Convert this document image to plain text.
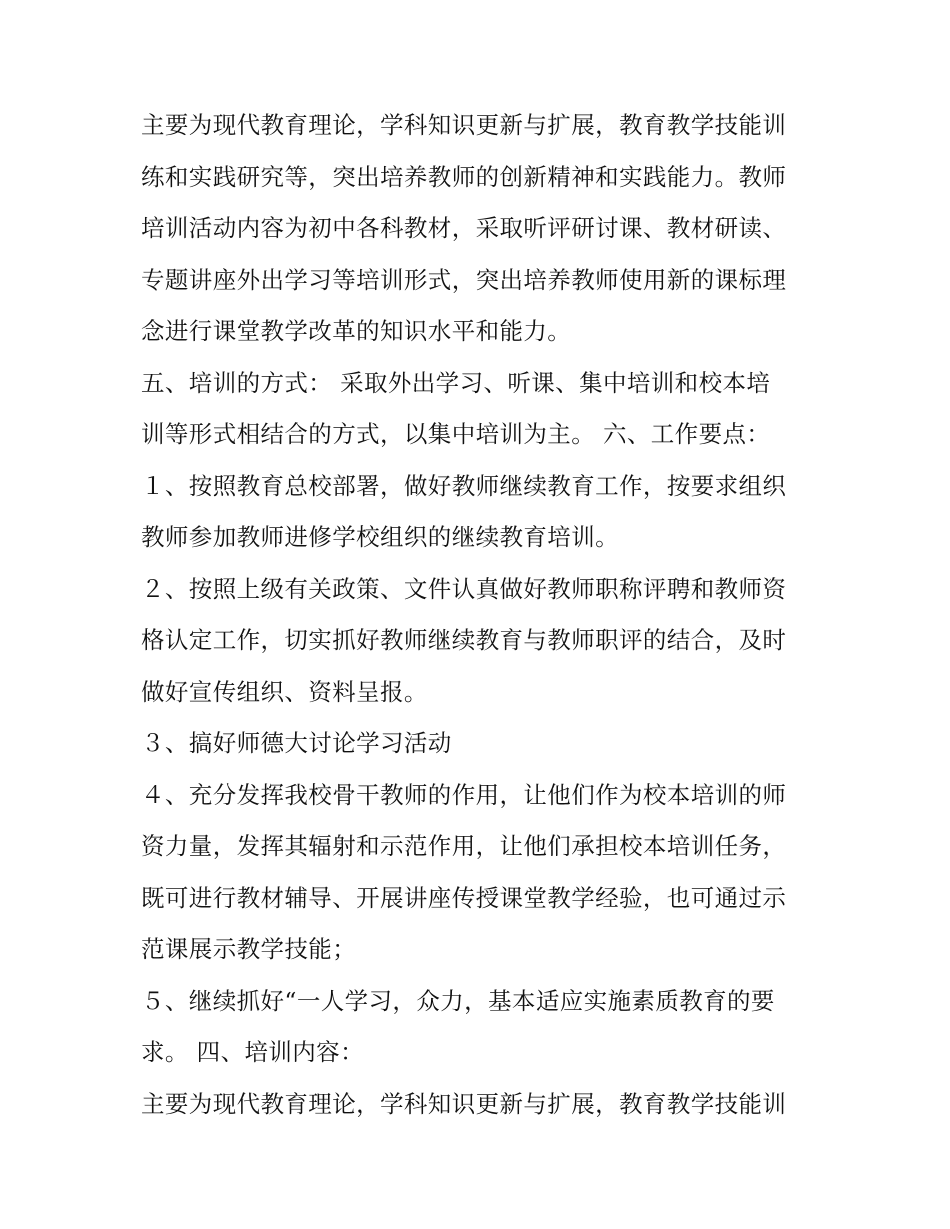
主要为现代教育理论，学科知识更新与扩展，教育教学技能训
练和实践研究等，突出培养教师的创新精神和实践能力。教师
培训活动内容为初中各科教材，采取听评研讨课、教材研读、
专题讲座外出学习等培训形式，突出培养教师使用新的课标理
念进行课堂教学改革的知识水平和能力。
五、培训的方式： 采取外出学习、听课、集中培训和校本培
训等形式相结合的方式，以集中培训为主。 六、工作要点：
１、按照教育总校部署，做好教师继续教育工作，按要求组织
教师参加教师进修学校组织的继续教育培训。
２、按照上级有关政策、文件认真做好教师职称评聘和教师资
格认定工作，切实抓好教师继续教育与教师职评的结合，及时
做好宣传组织、资料呈报。
３、搞好师德大讨论学习活动
４、充分发挥我校骨干教师的作用，让他们作为校本培训的师
资力量，发挥其辐射和示范作用，让他们承担校本培训任务，
既可进行教材辅导、开展讲座传授课堂教学经验，也可通过示
范课展示教学技能；
５、继续抓好“一人学习，众力，基本适应实施素质教育的要
求。 四、培训内容：
主要为现代教育理论，学科知识更新与扩展，教育教学技能训
